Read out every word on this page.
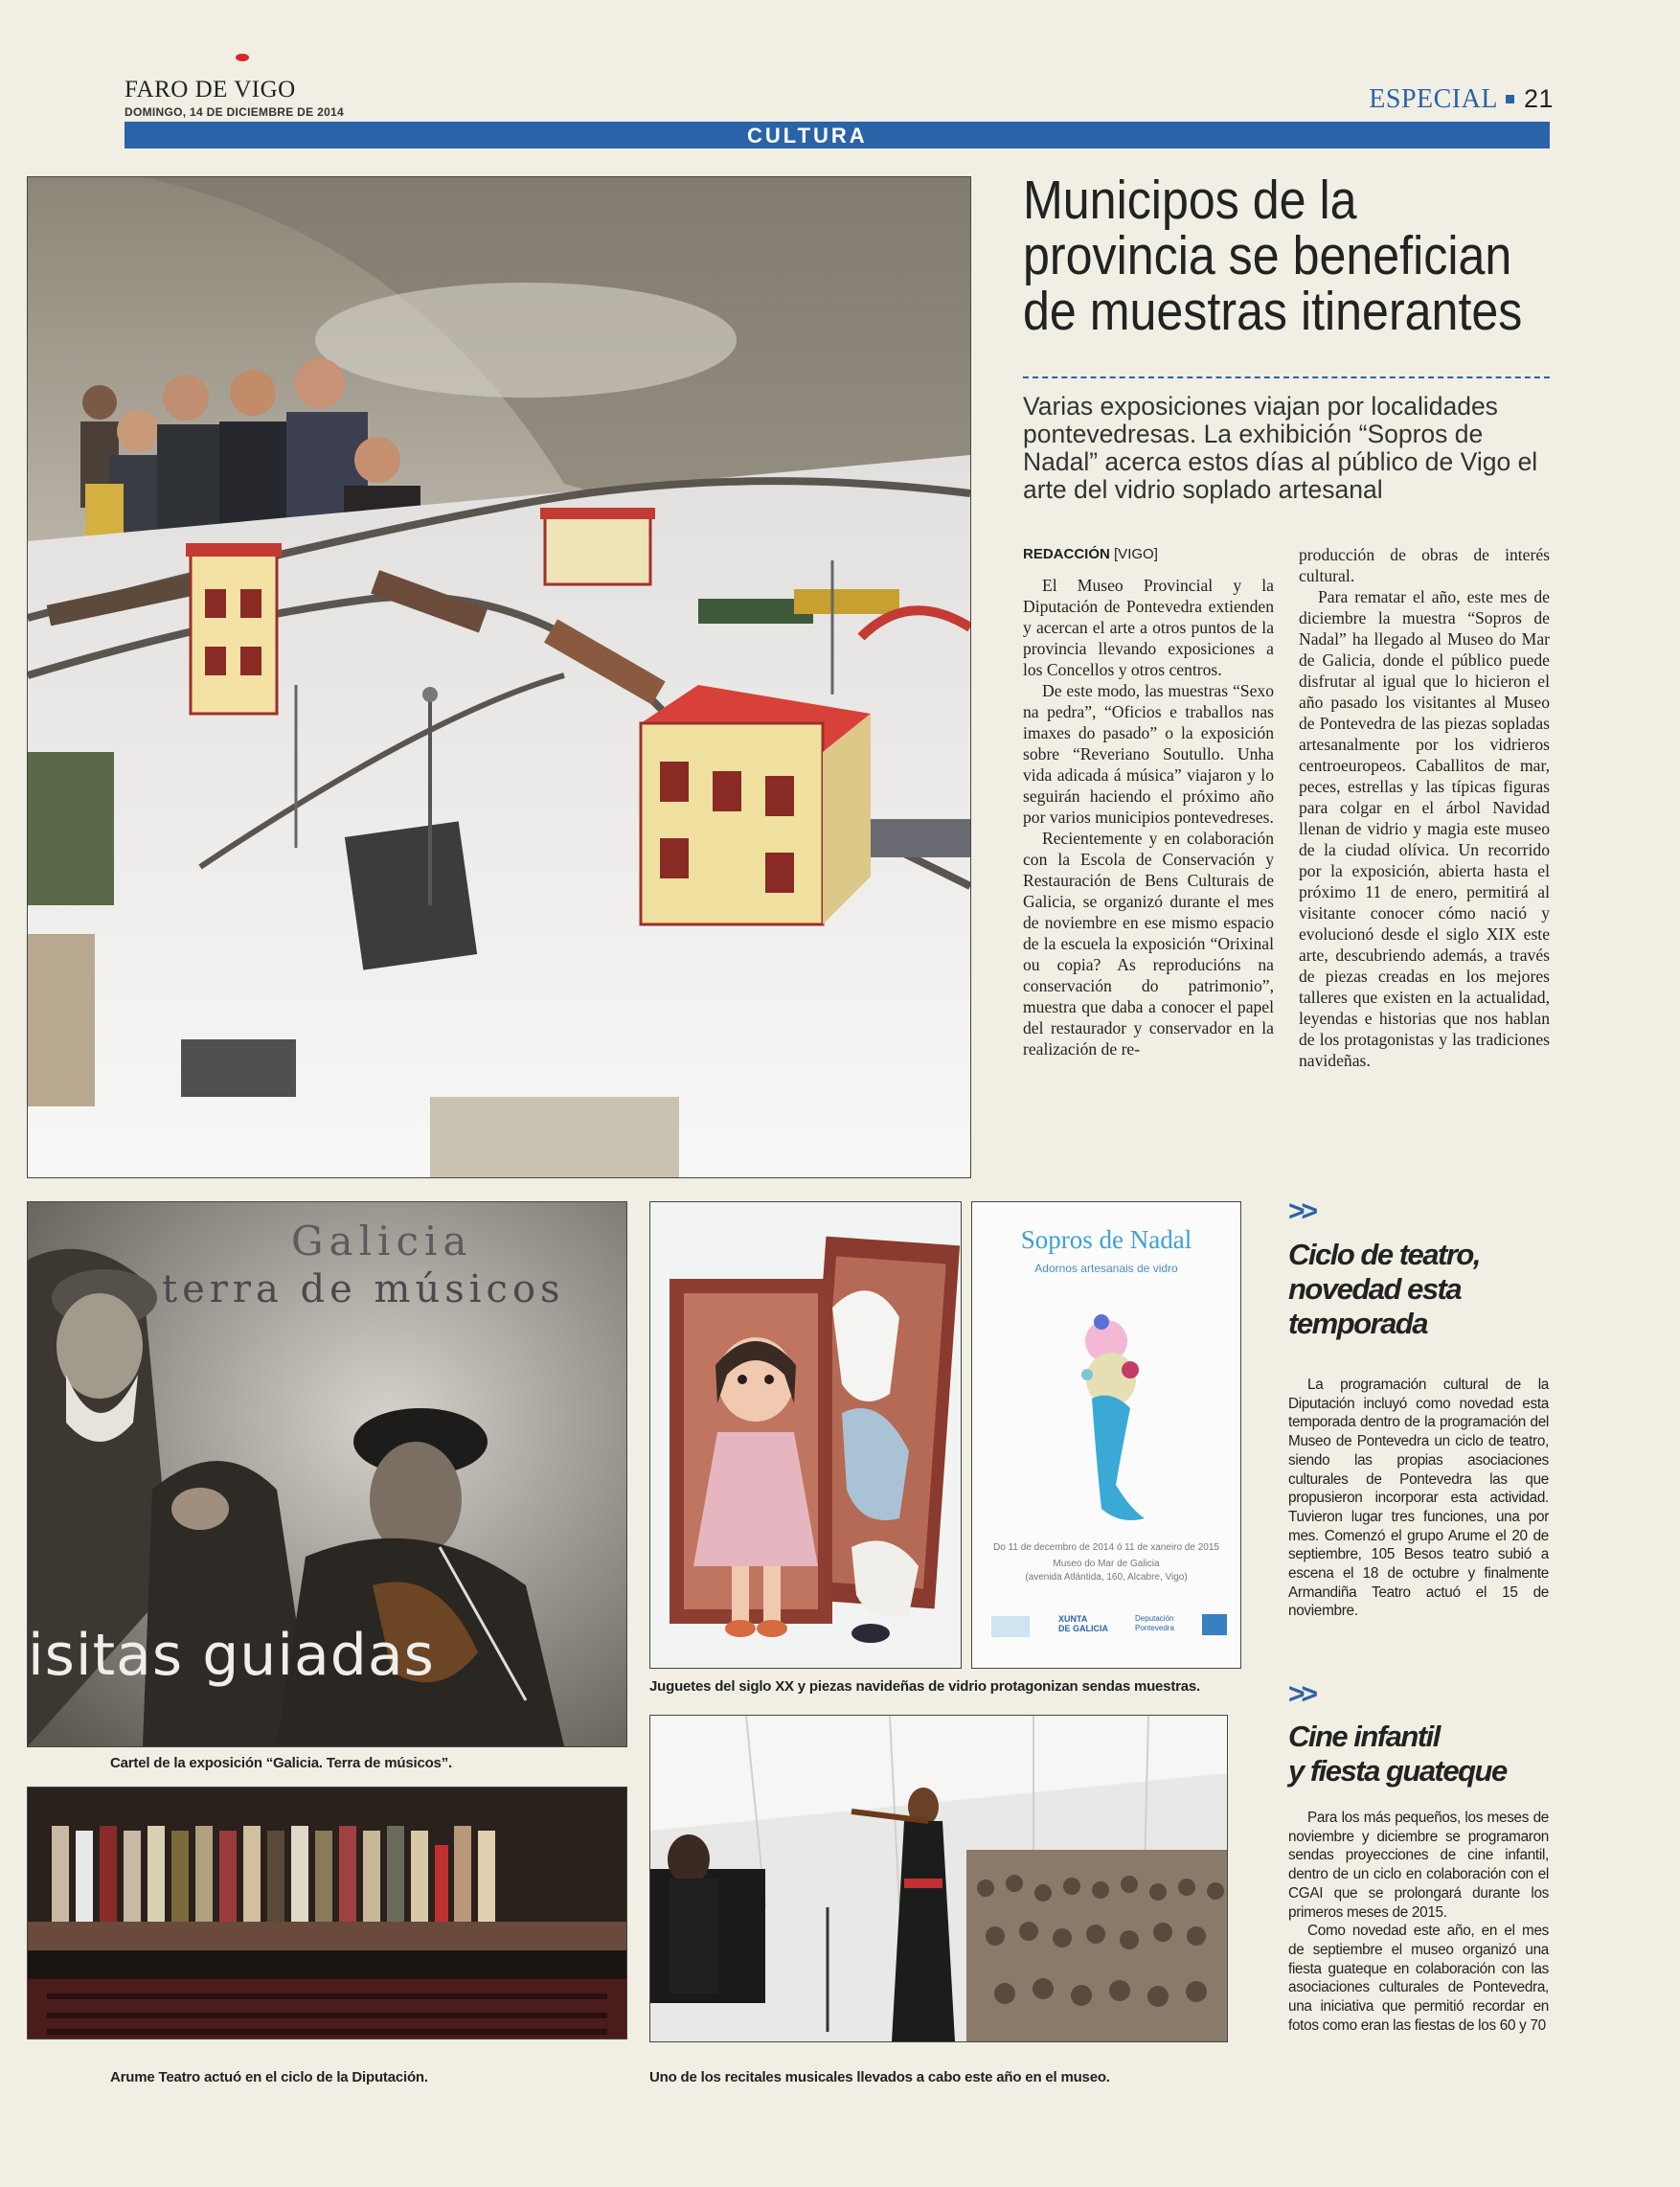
FARO DE VIGO
DOMINGO, 14 DE DICIEMBRE DE 2014	ESPECIAL 21
CULTURA
Municipos de la
provincia se benefician
de muestras itinerantes
Varias exposiciones viajan por localidades pontevedresas. La exhibición “Sopros de Nadal” acerca estos días al público de Vigo el arte del vidrio soplado artesanal

REDACCIÓN [VIGO]

El Museo Provincial y la Diputación de Pontevedra extienden y acercan el arte a otros puntos de la provincia llevando exposiciones a los Concellos y otros centros.

De este modo, las muestras “Sexo na pedra”, “Oficios e traballos nas imaxes do pasado” o la exposición sobre “Reveriano Soutullo. Unha vida adicada á música” viajaron y lo seguirán haciendo el próximo año por varios municipios pontevedreses.

Recientemente y en colaboración con la Escola de Conservación y Restauración de Bens Culturais de Galicia, se organizó durante el mes de noviembre en ese mismo espacio de la escuela la exposición “Orixinal ou copia? As reproducións na conservación do patrimonio”, muestra que daba a conocer el papel del restaurador y conservador en la realización de re-

producción de obras de interés cultural.

Para rematar el año, este mes de diciembre la muestra “Sopros de Nadal” ha llegado al Museo do Mar de Galicia, donde el público puede disfrutar al igual que lo hicieron el año pasado los visitantes al Museo de Pontevedra de las piezas sopladas artesanalmente por los vidrieros centroeuropeos. Caballitos de mar, peces, estrellas y las típicas figuras para colgar en el árbol Navidad llenan de vidrio y magia este museo de la ciudad olívica. Un recorrido por la exposición, abierta hasta el próximo 11 de enero, permitirá al visitante conocer cómo nació y evolucionó desde el siglo XIX este arte, descubriendo además, a través de piezas creadas en los mejores talleres que existen en la actualidad, leyendas e historias que nos hablan de los protagonistas y las tradiciones navideñas.

Galicia
terra de músicos
isitas guiadas
Cartel de la exposición “Galicia. Terra de músicos”.
Sopros de Nadal
Adornos artesanais de vidro
Do 11 de decembro de 2014 ó 11 de xaneiro de 2015
Museo do Mar de Galicia
(avenida Atlántida, 160, Alcabre, Vigo)
XUNTA
DE GALICIA
Deputación
Pontevedra
Juguetes del siglo XX y piezas navideñas de vidrio protagonizan sendas muestras.
Arume Teatro actuó en el ciclo de la Diputación.	Uno de los recitales musicales llevados a cabo este año en el museo.
>>
Ciclo de teatro,
novedad esta
temporada

La programación cultural de la Diputación incluyó como novedad esta temporada dentro de la programación del Museo de Pontevedra un ciclo de teatro, siendo las propias asociaciones culturales de Pontevedra las que propusieron incorporar esta actividad. Tuvieron lugar tres funciones, una por mes. Comenzó el grupo Arume el 20 de septiembre, 105 Besos teatro subió a escena el 18 de octubre y finalmente Armandiña Teatro actuó el 15 de noviembre.

>>
Cine infantil
y fiesta guateque

Para los más pequeños, los meses de noviembre y diciembre se programaron sendas proyecciones de cine infantil, dentro de un ciclo en colaboración con el CGAI que se prolongará durante los primeros meses de 2015.

Como novedad este año, en el mes de septiembre el museo organizó una fiesta guateque en colaboración con las asociaciones culturales de Pontevedra, una iniciativa que permitió recordar en fotos como eran las fiestas de los 60 y 70
